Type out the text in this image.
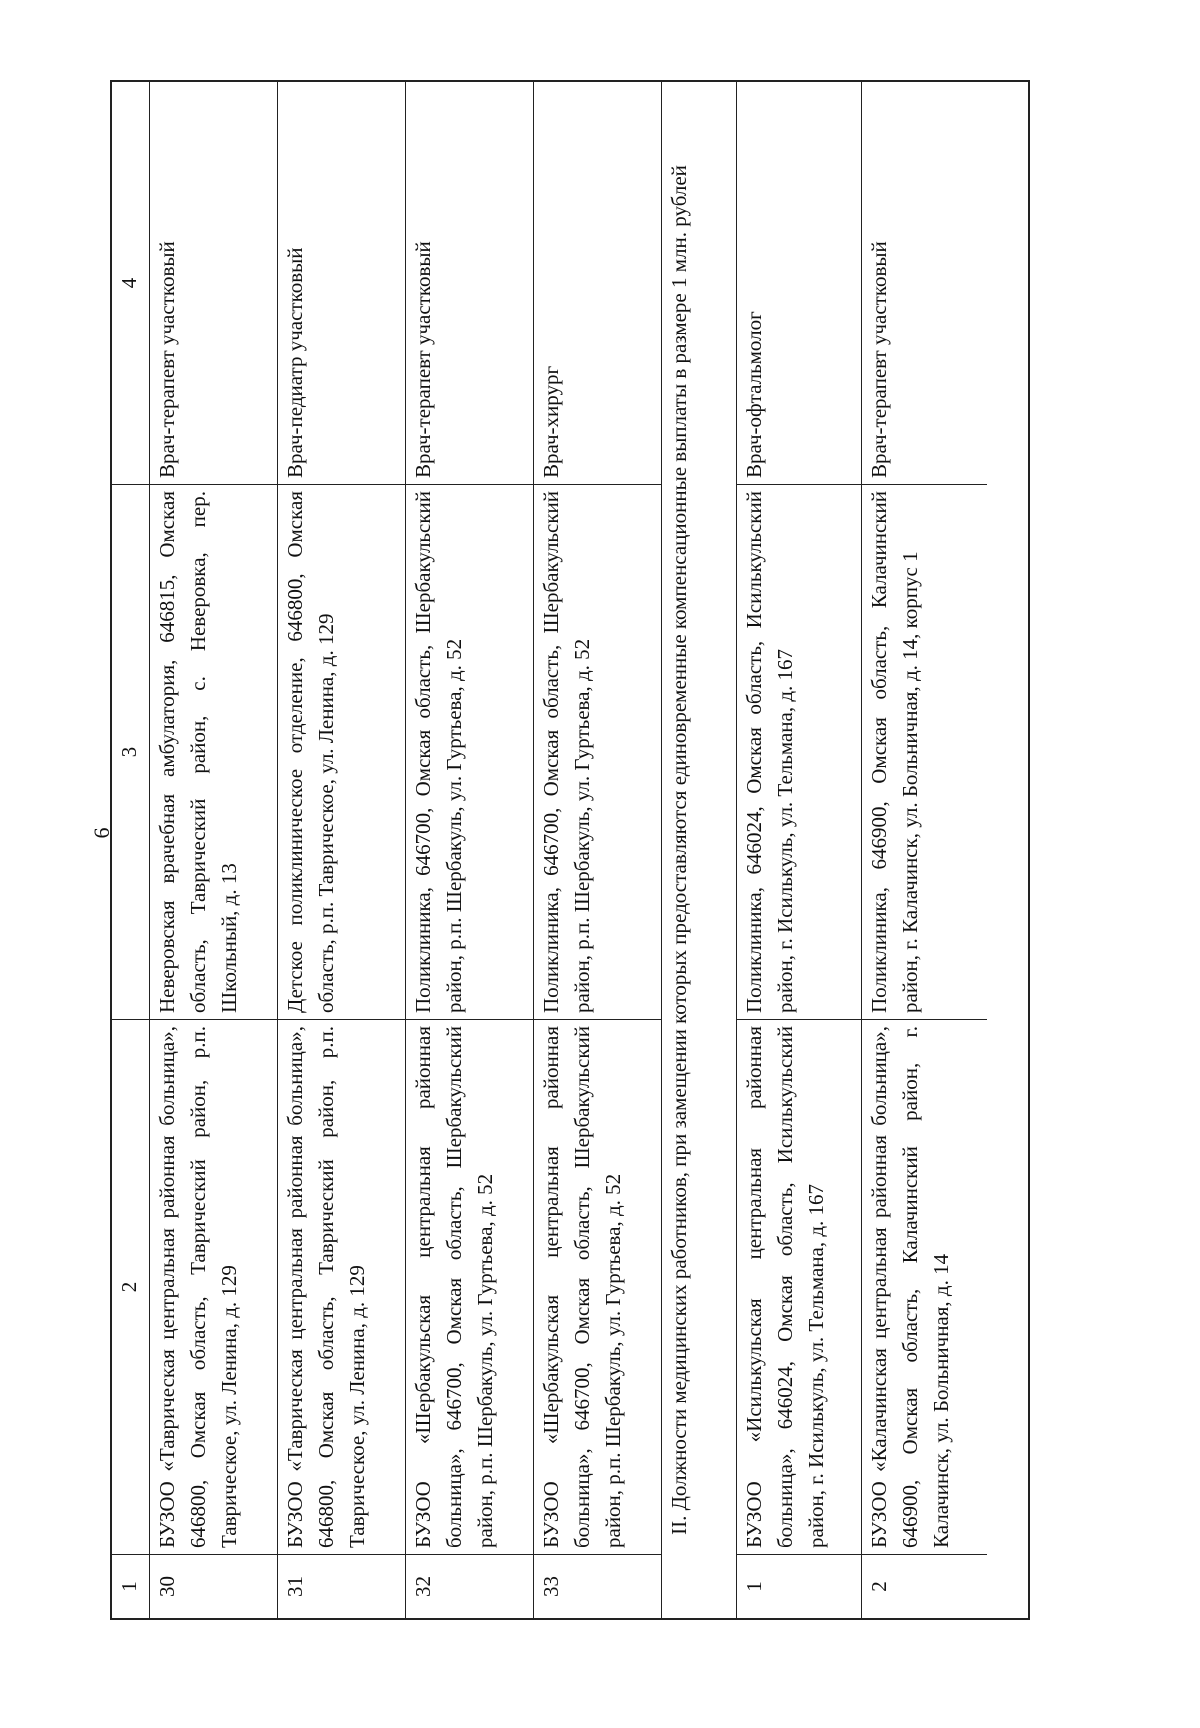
6
1
2
3
4
30
БУЗОО «Таврическая центральная районная больница», 646800, Омская область, Таврический район, р.п. Таврическое, ул. Ленина, д. 129
Неверовская врачебная амбулатория, 646815, Омская область, Таврический район, с. Неверовка, пер. Школьный, д. 13
Врач-терапевт участковый
31
БУЗОО «Таврическая центральная районная больница», 646800, Омская область, Таврический район, р.п. Таврическое, ул. Ленина, д. 129
Детское поликлиническое отделение, 646800, Омская область, р.п. Таврическое, ул. Ленина, д. 129
Врач-педиатр участковый
32
БУЗОО «Шербакульская центральная районная больница», 646700, Омская область, Шербакульский район, р.п. Шербакуль, ул. Гуртьева, д. 52
Поликлиника, 646700, Омская область, Шербакульский район, р.п. Шербакуль, ул. Гуртьева, д. 52
Врач-терапевт участковый
33
БУЗОО «Шербакульская центральная районная больница», 646700, Омская область, Шербакульский район, р.п. Шербакуль, ул. Гуртьева, д. 52
Поликлиника, 646700, Омская область, Шербакульский район, р.п. Шербакуль, ул. Гуртьева, д. 52
Врач-хирург	II. Должности медицинских работников, при замещении которых предоставляются единовременные компенсационные выплаты в размере 1 млн. рублей
1
БУЗОО «Исилькульская центральная районная больница», 646024, Омская область, Исилькульский район, г. Исилькуль, ул. Тельмана, д. 167
Поликлиника, 646024, Омская область, Исилькульский район, г. Исилькуль, ул. Тельмана, д. 167
Врач-офтальмолог
2
БУЗОО «Калачинская центральная районная больница», 646900, Омская область, Калачинский район, г. Калачинск, ул. Больничная, д. 14
Поликлиника, 646900, Омская область, Калачинский район, г. Калачинск, ул. Больничная, д. 14, корпус 1
Врач-терапевт участковый
